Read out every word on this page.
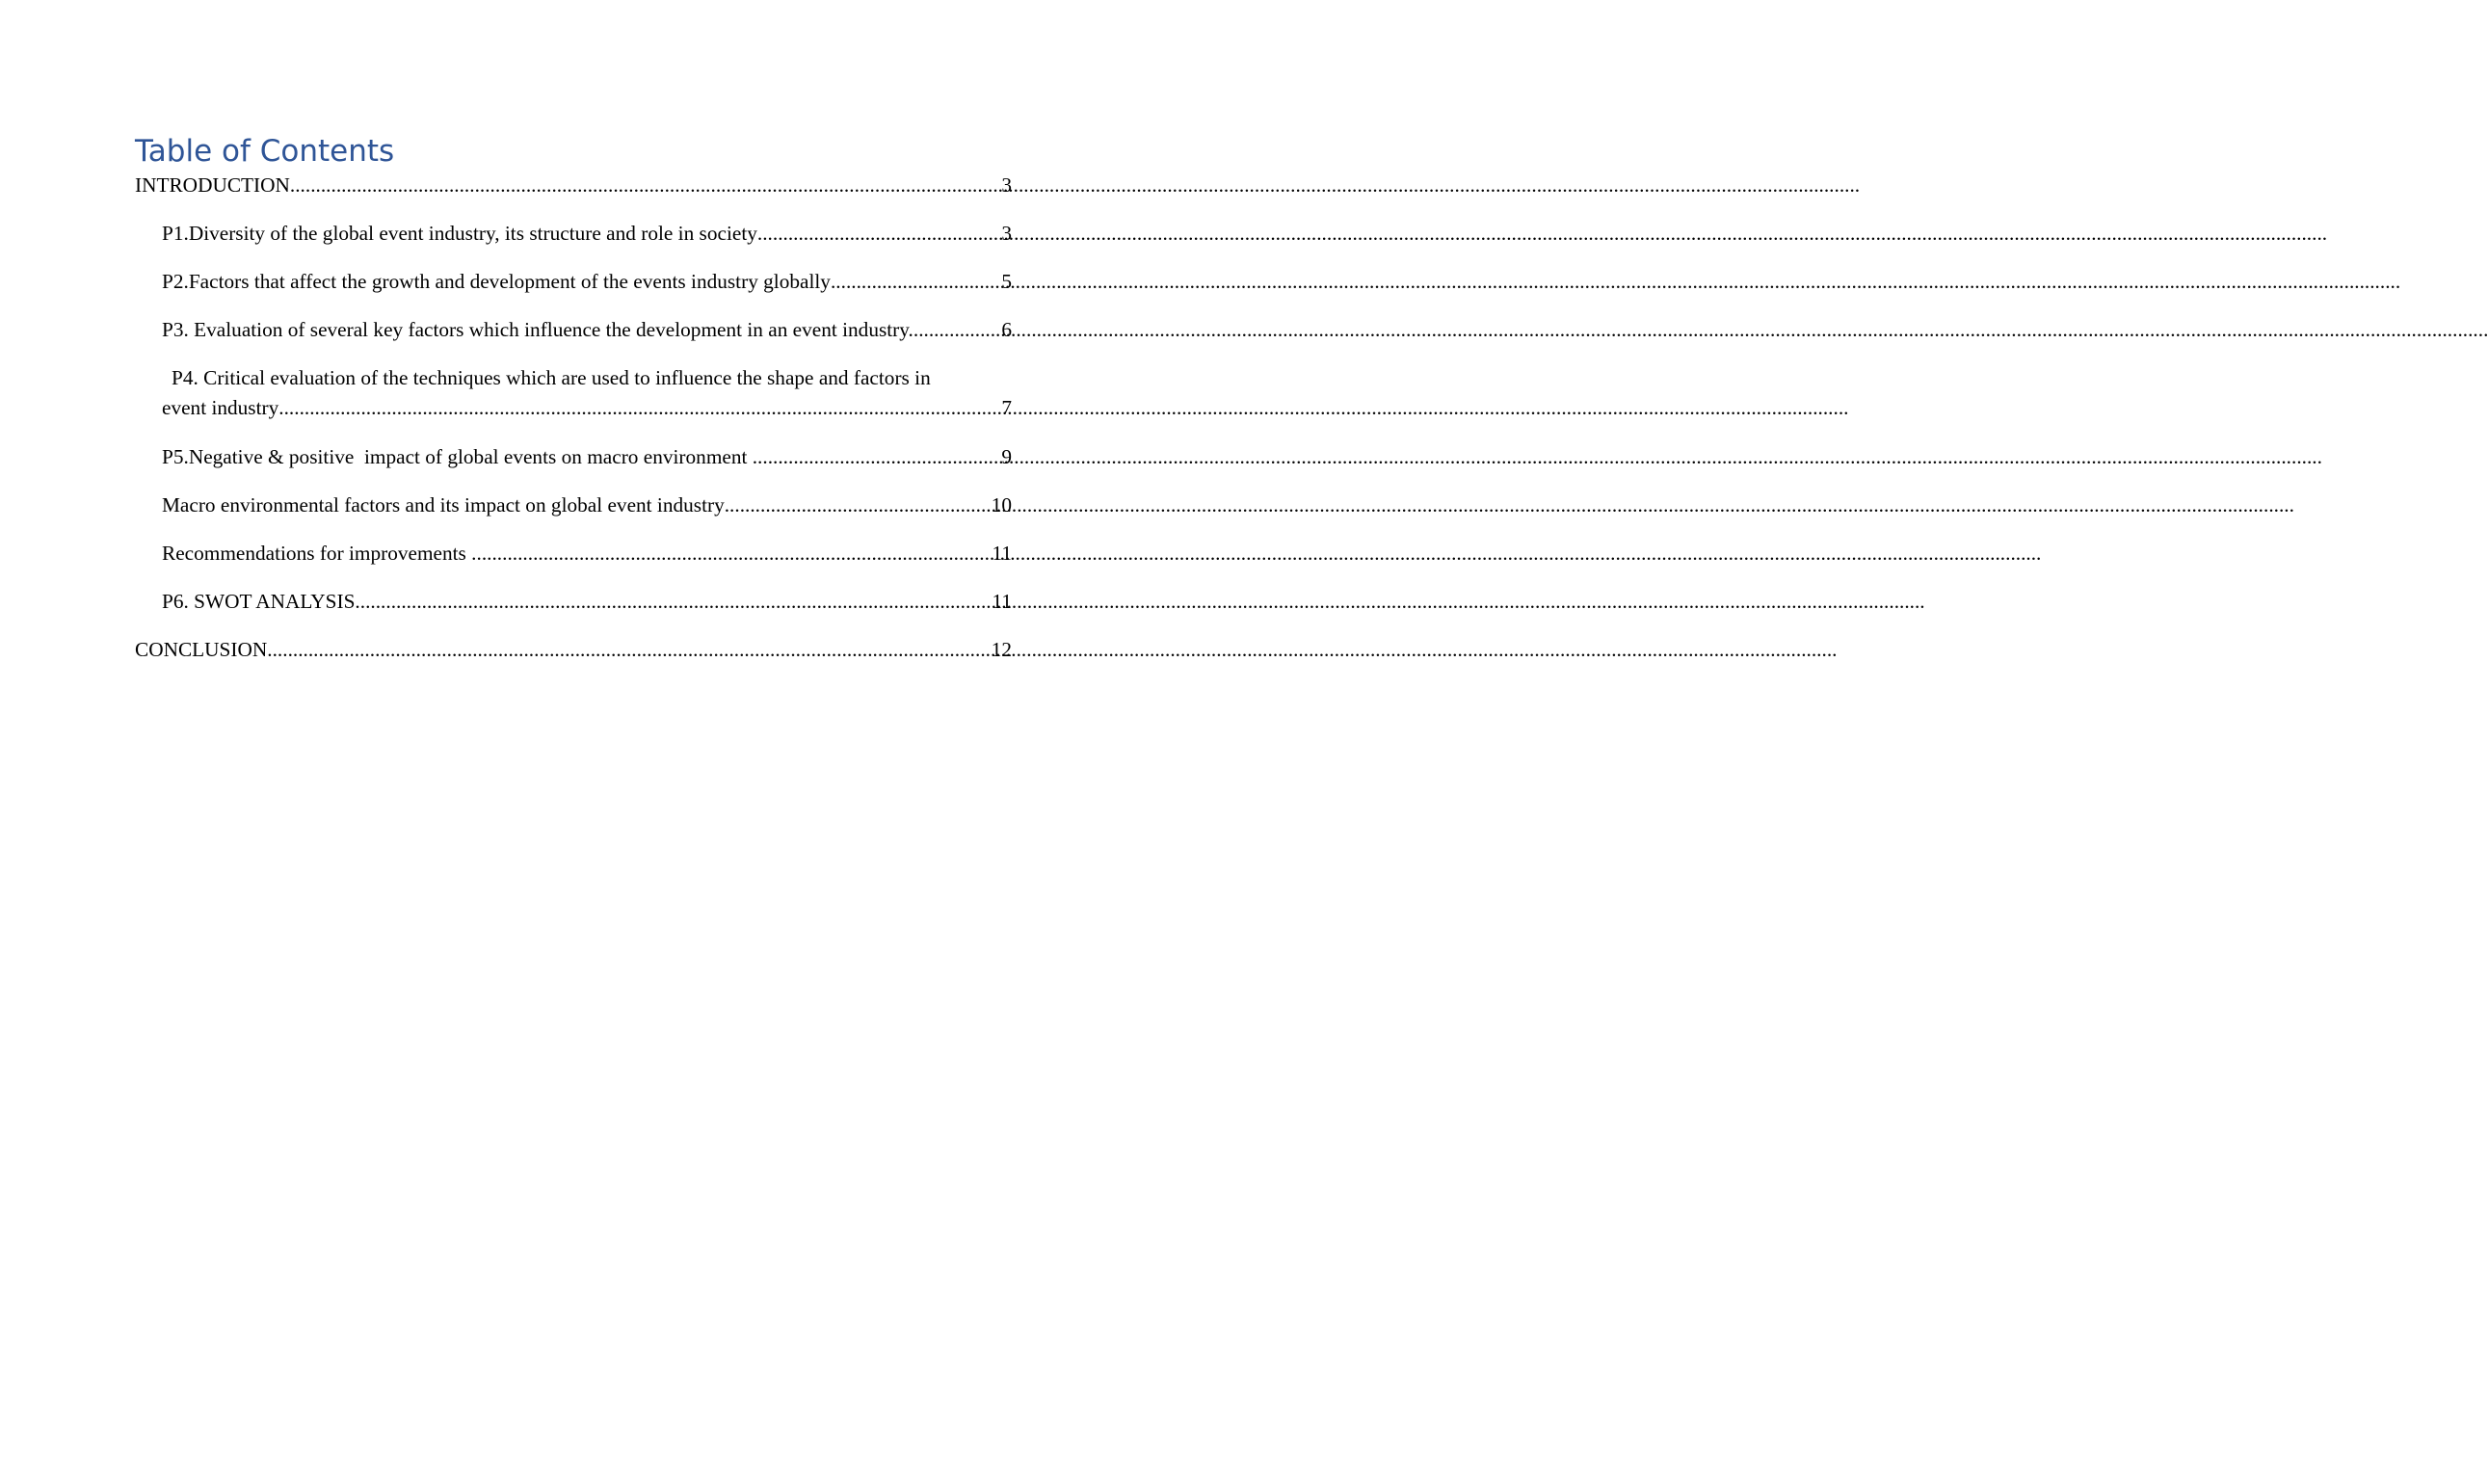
Table of Contents
INTRODUCTION .....	3
P1.Diversity of the global event industry, its structure and role in society .....	3
P2.Factors that affect the growth and development of the events industry globally .....	5
P3. Evaluation of several key factors which influence the development in an event industry.. .....	6
P4. Critical evaluation of the techniques which are used to influence the shape and factors in
event industry .....	7
P5.Negative & positive  impact of global events on macro environment .....	9
Macro environmental factors and its impact on global event industry .....	10
Recommendations for improvements .....	11
P6. SWOT ANALYSIS .....	11
CONCLUSION .....	12
